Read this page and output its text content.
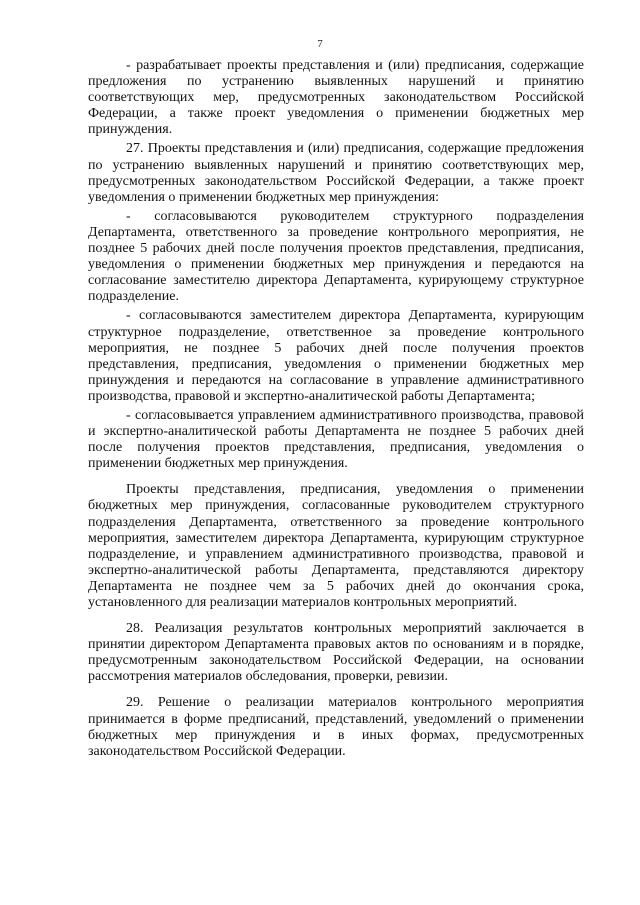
7

- разрабатывает проекты представления и (или) предписания, содержащие предложения по устранению выявленных нарушений и принятию соответствующих мер, предусмотренных законодательством Российской Федерации, а также проект уведомления о применении бюджетных мер принуждения.

27. Проекты представления и (или) предписания, содержащие предложения по устранению выявленных нарушений и принятию соответствующих мер, предусмотренных законодательством Российской Федерации, а также проект уведомления о применении бюджетных мер принуждения:

- согласовываются руководителем структурного подразделения Департамента, ответственного за проведение контрольного мероприятия, не позднее 5 рабочих дней после получения проектов представления, предписания, уведомления о применении бюджетных мер принуждения и передаются на согласование заместителю директора Департамента, курирующему структурное подразделение.

- согласовываются заместителем директора Департамента, курирующим структурное подразделение, ответственное за проведение контрольного мероприятия, не позднее 5 рабочих дней после получения проектов представления, предписания, уведомления о применении бюджетных мер принуждения и передаются на согласование в управление административного производства, правовой и экспертно-аналитической работы Департамента;

- согласовывается управлением административного производства, правовой и экспертно-аналитической работы Департамента не позднее 5 рабочих дней после получения проектов представления, предписания, уведомления о применении бюджетных мер принуждения.

Проекты представления, предписания, уведомления о применении бюджетных мер принуждения, согласованные руководителем структурного подразделения Департамента, ответственного за проведение контрольного мероприятия, заместителем директора Департамента, курирующим структурное подразделение, и управлением административного производства, правовой и экспертно-аналитической работы Департамента, представляются директору Департамента не позднее чем за 5 рабочих дней до окончания срока, установленного для реализации материалов контрольных мероприятий.

28. Реализация результатов контрольных мероприятий заключается в принятии директором Департамента правовых актов по основаниям и в порядке, предусмотренным законодательством Российской Федерации, на основании рассмотрения материалов обследования, проверки, ревизии.

29. Решение о реализации материалов контрольного мероприятия принимается в форме предписаний, представлений, уведомлений о применении бюджетных мер принуждения и в иных формах, предусмотренных законодательством Российской Федерации.
